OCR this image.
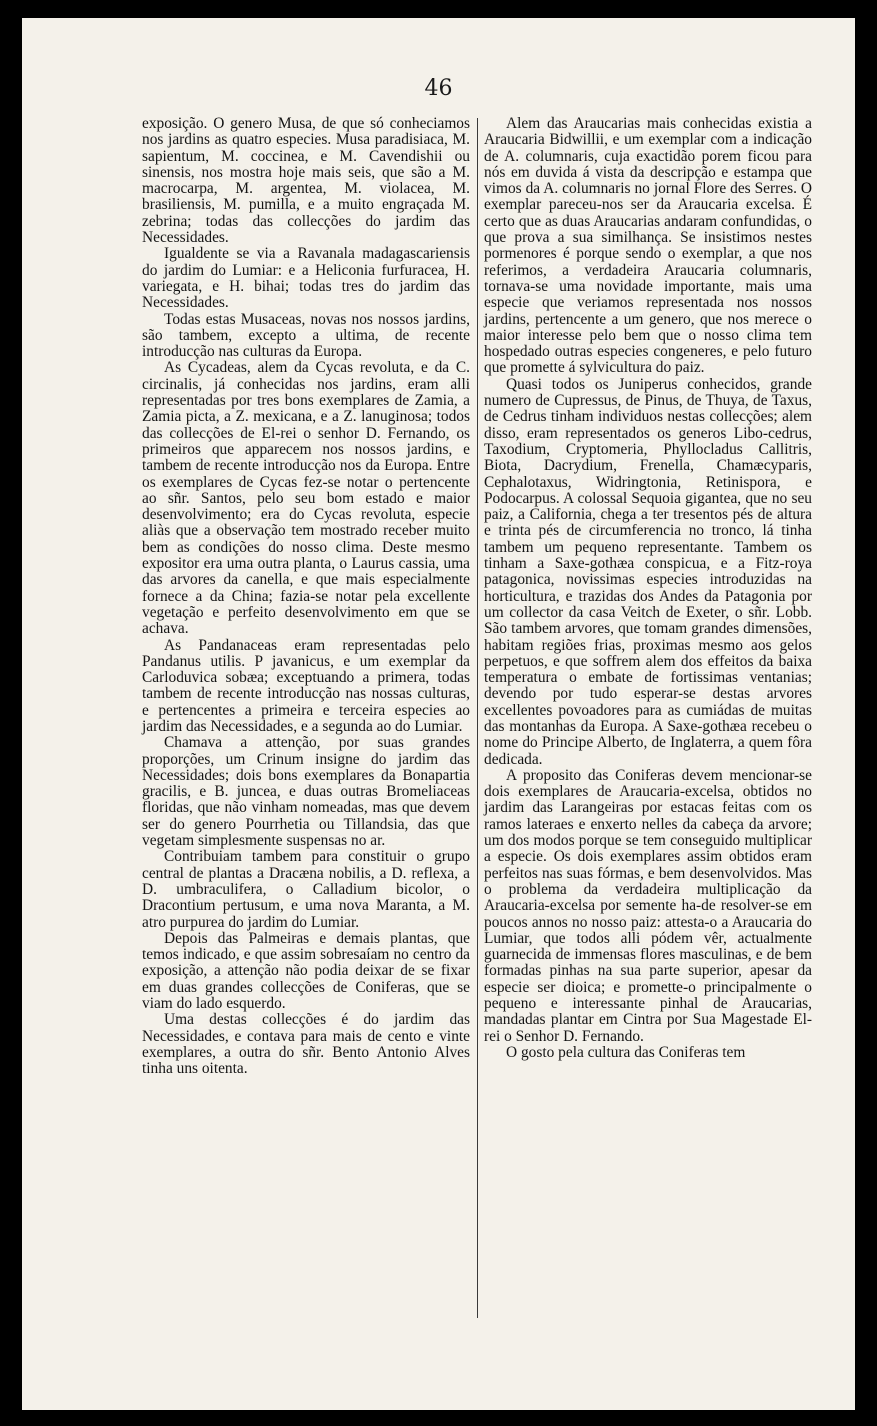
46

exposição. O genero Musa, de que só conheciamos nos jardins as quatro especies. Musa paradisiaca, M. sapientum, M. coccinea, e M. Cavendishii ou sinensis, nos mostra hoje mais seis, que são a M. macrocarpa, M. argentea, M. violacea, M. brasiliensis, M. pumilla, e a muito engraçada M. zebrina; todas das collecções do jardim das Necessidades.

Igualdente se via a Ravanala madagascariensis do jardim do Lumiar: e a Heliconia furfuracea, H. variegata, e H. bihai; todas tres do jardim das Necessidades.

Todas estas Musaceas, novas nos nossos jardins, são tambem, excepto a ultima, de recente introducção nas culturas da Europa.

As Cycadeas, alem da Cycas revoluta, e da C. circinalis, já conhecidas nos jardins, eram alli representadas por tres bons exemplares de Zamia, a Zamia picta, a Z. mexicana, e a Z. lanuginosa; todos das collecções de El-rei o senhor D. Fernando, os primeiros que apparecem nos nossos jardins, e tambem de recente introducção nos da Europa. Entre os exemplares de Cycas fez-se notar o pertencente ao sñr. Santos, pelo seu bom estado e maior desenvolvimento; era do Cycas revoluta, especie aliàs que a observação tem mostrado receber muito bem as condições do nosso clima. Deste mesmo expositor era uma outra planta, o Laurus cassia, uma das arvores da canella, e que mais especialmente fornece a da China; fazia-se notar pela excellente vegetação e perfeito desenvolvimento em que se achava.

As Pandanaceas eram representadas pelo Pandanus utilis. P javanicus, e um exemplar da Carloduvica sobæa; exceptuando a primera, todas tambem de recente introducção nas nossas culturas, e pertencentes a primeira e terceira especies ao jardim das Necessidades, e a segunda ao do Lumiar.

Chamava a attenção, por suas grandes proporções, um Crinum insigne do jardim das Necessidades; dois bons exemplares da Bonapartia gracilis, e B. juncea, e duas outras Bromeliaceas floridas, que não vinham nomeadas, mas que devem ser do genero Pourrhetia ou Tillandsia, das que vegetam simplesmente suspensas no ar.

Contribuiam tambem para constituir o grupo central de plantas a Dracæna nobilis, a D. reflexa, a D. umbraculifera, o Calladium bicolor, o Dracontium pertusum, e uma nova Maranta, a M. atro purpurea do jardim do Lumiar.

Depois das Palmeiras e demais plantas, que temos indicado, e que assim sobresaíam no centro da exposição, a attenção não podia deixar de se fixar em duas grandes collecções de Coniferas, que se viam do lado esquerdo.

Uma destas collecções é do jardim das Necessidades, e contava para mais de cento e vinte exemplares, a outra do sñr. Bento Antonio Alves tinha uns oitenta.

Alem das Araucarias mais conhecidas existia a Araucaria Bidwillii, e um exemplar com a indicação de A. columnaris, cuja exactidão porem ficou para nós em duvida á vista da descripção e estampa que vimos da A. columnaris no jornal Flore des Serres. O exemplar pareceu-nos ser da Araucaria excelsa. É certo que as duas Araucarias andaram confundidas, o que prova a sua similhança. Se insistimos nestes pormenores é porque sendo o exemplar, a que nos referimos, a verdadeira Araucaria columnaris, tornava-se uma novidade importante, mais uma especie que veriamos representada nos nossos jardins, pertencente a um genero, que nos merece o maior interesse pelo bem que o nosso clima tem hospedado outras especies congeneres, e pelo futuro que promette á sylvicultura do paiz.

Quasi todos os Juniperus conhecidos, grande numero de Cupressus, de Pinus, de Thuya, de Taxus, de Cedrus tinham individuos nestas collecções; alem disso, eram representados os generos Libo-cedrus, Taxodium, Cryptomeria, Phyllocladus Callitris, Biota, Dacrydium, Frenella, Chamæcyparis, Cephalotaxus, Widringtonia, Retinispora, e Podocarpus. A colossal Sequoia gigantea, que no seu paiz, a California, chega a ter tresentos pés de altura e trinta pés de circumferencia no tronco, lá tinha tambem um pequeno representante. Tambem os tinham a Saxe-gothæa conspicua, e a Fitz-roya patagonica, novissimas especies introduzidas na horticultura, e trazidas dos Andes da Patagonia por um collector da casa Veitch de Exeter, o sñr. Lobb. São tambem arvores, que tomam grandes dimensões, habitam regiões frias, proximas mesmo aos gelos perpetuos, e que soffrem alem dos effeitos da baixa temperatura o embate de fortissimas ventanias; devendo por tudo esperar-se destas arvores excellentes povoadores para as cumiádas de muitas das montanhas da Europa. A Saxe-gothæa recebeu o nome do Principe Alberto, de Inglaterra, a quem fôra dedicada.

A proposito das Coniferas devem mencionar-se dois exemplares de Araucaria-excelsa, obtidos no jardim das Larangeiras por estacas feitas com os ramos lateraes e enxerto nelles da cabeça da arvore; um dos modos porque se tem conseguido multiplicar a especie. Os dois exemplares assim obtidos eram perfeitos nas suas fórmas, e bem desenvolvidos. Mas o problema da verdadeira multiplicação da Araucaria-excelsa por semente ha-de resolver-se em poucos annos no nosso paiz: attesta-o a Araucaria do Lumiar, que todos alli pódem vêr, actualmente guarnecida de immensas flores masculinas, e de bem formadas pinhas na sua parte superior, apesar da especie ser dioica; e promette-o principalmente o pequeno e interessante pinhal de Araucarias, mandadas plantar em Cintra por Sua Magestade El-rei o Senhor D. Fernando.

O gosto pela cultura das Coniferas tem
